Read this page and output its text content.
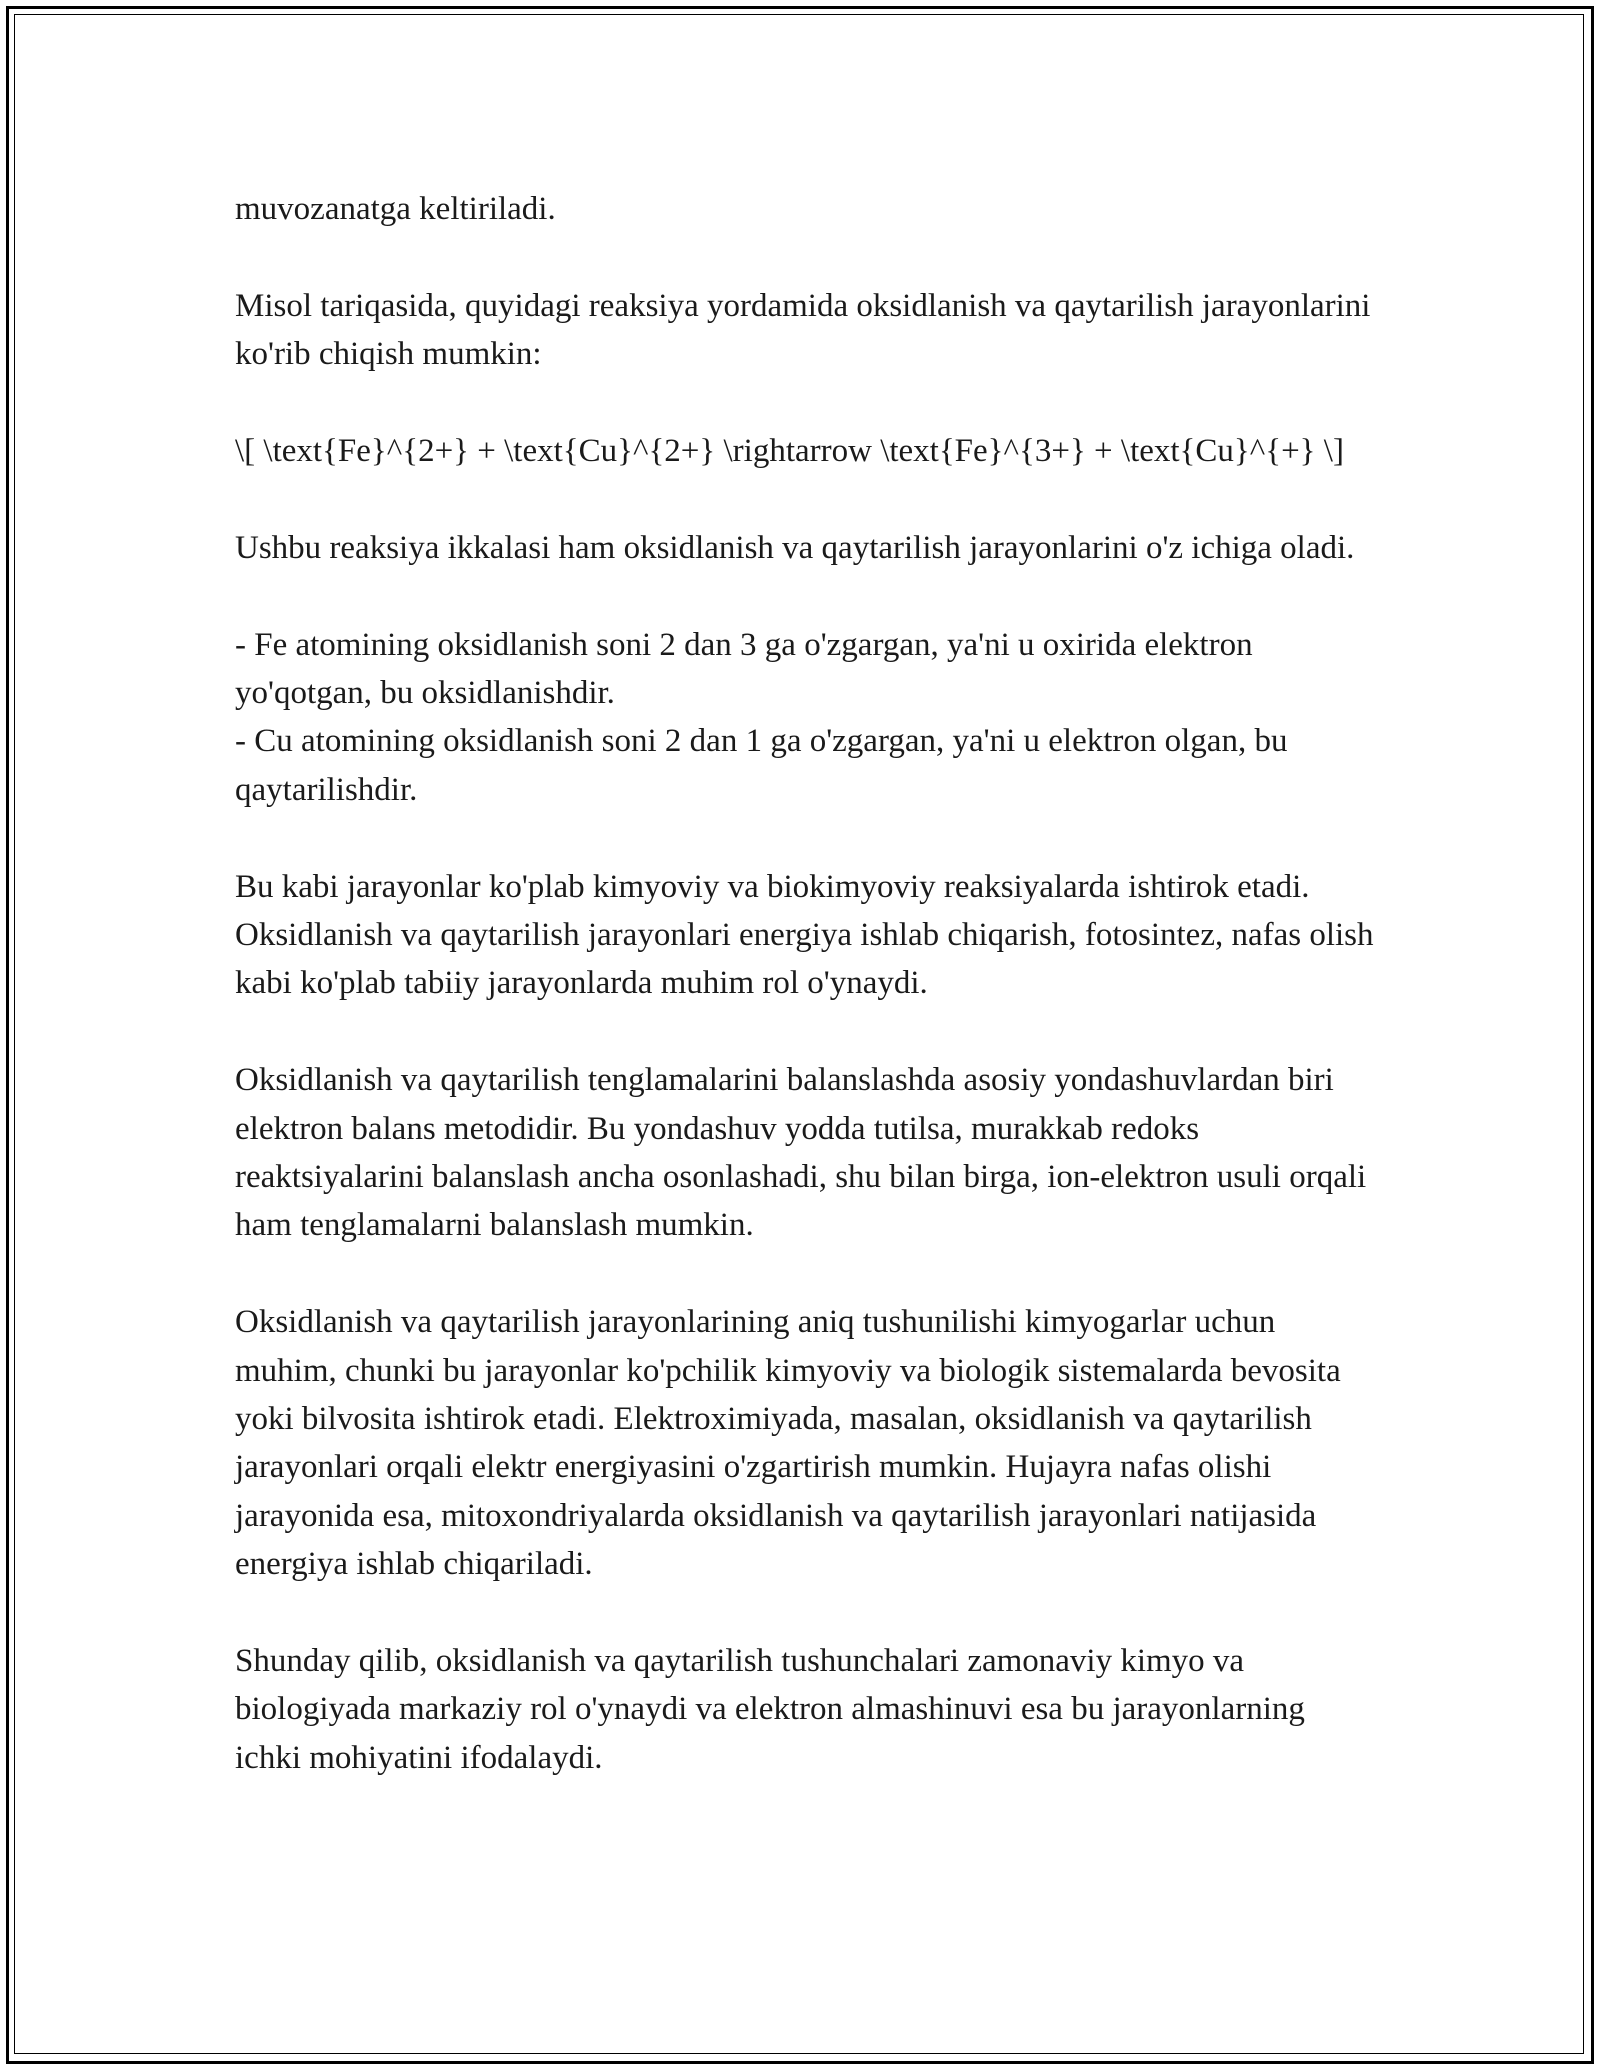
muvozanatga keltiriladi.

Misol tariqasida, quyidagi reaksiya yordamida oksidlanish va qaytarilish jarayonlarini ko'rib chiqish mumkin:

\[ \text{Fe}^{2+} + \text{Cu}^{2+} \rightarrow \text{Fe}^{3+} + \text{Cu}^{+} \]

Ushbu reaksiya ikkalasi ham oksidlanish va qaytarilish jarayonlarini o'z ichiga oladi.

- Fe atomining oksidlanish soni 2 dan 3 ga o'zgargan, ya'ni u oxirida elektron yo'qotgan, bu oksidlanishdir.
- Cu atomining oksidlanish soni 2 dan 1 ga o'zgargan, ya'ni u elektron olgan, bu qaytarilishdir.

Bu kabi jarayonlar ko'plab kimyoviy va biokimyoviy reaksiyalarda ishtirok etadi. Oksidlanish va qaytarilish jarayonlari energiya ishlab chiqarish, fotosintez, nafas olish kabi ko'plab tabiiy jarayonlarda muhim rol o'ynaydi.

Oksidlanish va qaytarilish tenglamalarini balanslashda asosiy yondashuvlardan biri elektron balans metodidir. Bu yondashuv yodda tutilsa, murakkab redoks reaktsiyalarini balanslash ancha osonlashadi, shu bilan birga, ion-elektron usuli orqali ham tenglamalarni balanslash mumkin.

Oksidlanish va qaytarilish jarayonlarining aniq tushunilishi kimyogarlar uchun muhim, chunki bu jarayonlar ko'pchilik kimyoviy va biologik sistemalarda bevosita yoki bilvosita ishtirok etadi. Elektroximiyada, masalan, oksidlanish va qaytarilish jarayonlari orqali elektr energiyasini o'zgartirish mumkin. Hujayra nafas olishi jarayonida esa, mitoxondriyalarda oksidlanish va qaytarilish jarayonlari natijasida energiya ishlab chiqariladi.

Shunday qilib, oksidlanish va qaytarilish tushunchalari zamonaviy kimyo va biologiyada markaziy rol o'ynaydi va elektron almashinuvi esa bu jarayonlarning ichki mohiyatini ifodalaydi.
